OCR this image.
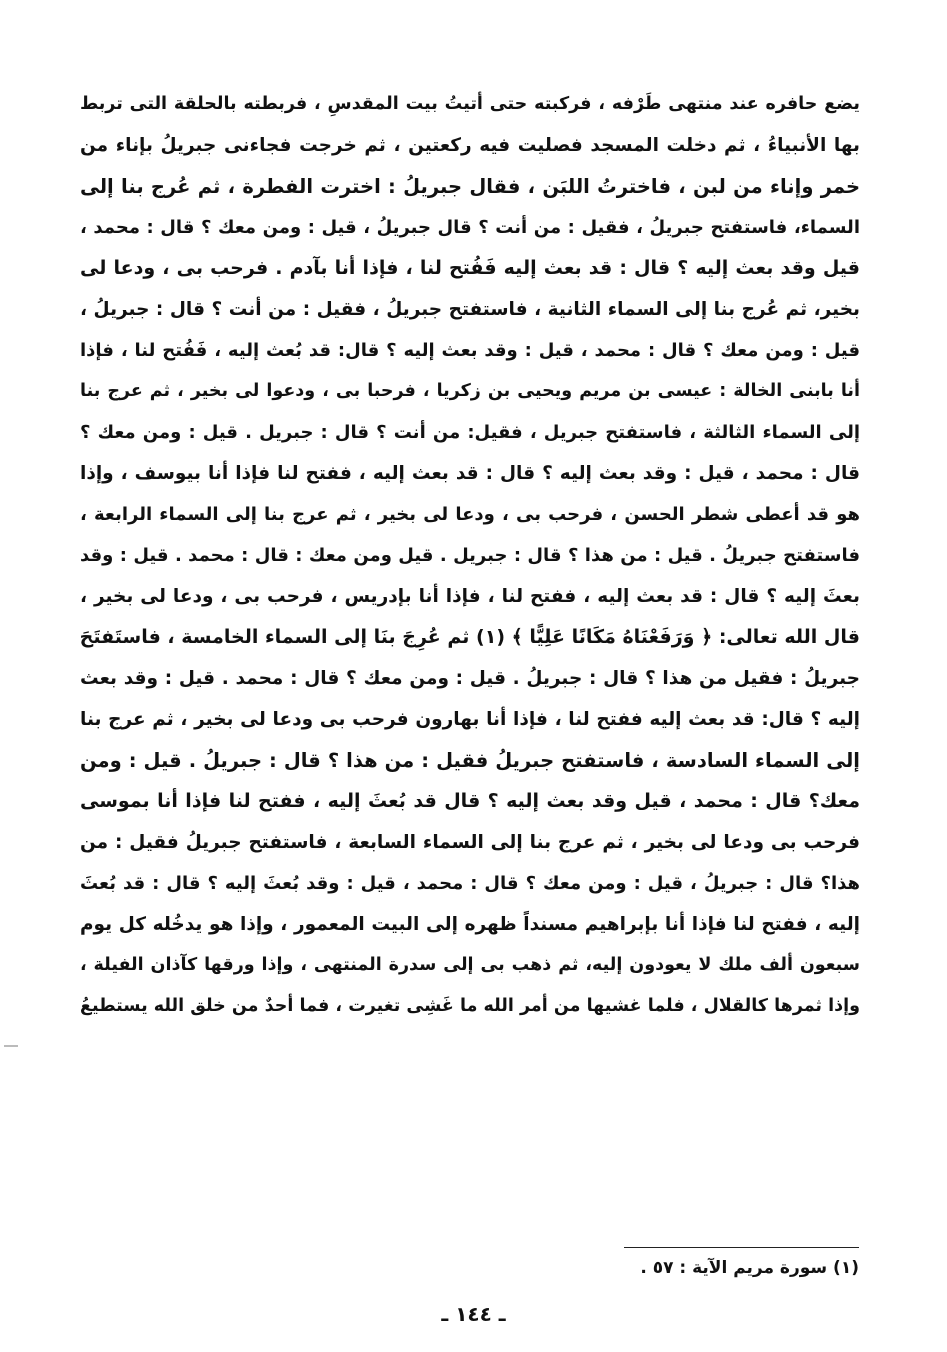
يضع حافره عند منتهى طَرْفه ، فركبته حتى أتيتُ بيت المقدسِ ، فربطته بالحلقة التى تربط
بها الأنبياءُ ، ثم دخلت المسجد فصليت فيه ركعتين ، ثم خرجت فجاءنى جبريلُ بإناء من
خمر وإناء من لبن ، فاخترتُ اللبَن ، فقال جبريلُ : اخترت الفطرة ، ثم عُرج بنا إلى
السماء، فاستفتح جبريلُ ، فقيل : من أنت ؟ قال جبريلُ ، قيل : ومن معك ؟ قال : محمد ،
قيل وقد بعث إليه ؟ قال : قد بعث إليه فَفُتح لنا ، فإذا أنا بآدم . فرحب بى ، ودعا لى
بخير، ثم عُرج بنا إلى السماء الثانية ، فاستفتح جبريلُ ، فقيل : من أنت ؟ قال : جبريلُ ،
قيل : ومن معك ؟ قال : محمد ، قيل : وقد بعث إليه ؟ قال: قد بُعث إليه ، فَفُتح لنا ، فإذا
أنا بابنى الخالة : عيسى بن مريم ويحيى بن زكريا ، فرحبا بى ، ودعوا لى بخير ، ثم عرج بنا
إلى السماء الثالثة ، فاستفتح جبريل ، فقيل: من أنت ؟ قال : جبريل . قيل : ومن معك ؟
قال : محمد ، قيل : وقد بعث إليه ؟ قال : قد بعث إليه ، ففتح لنا فإذا أنا بيوسف ، وإذا
هو قد أعطى شطر الحسن ، فرحب بى ، ودعا لى بخير ، ثم عرج بنا إلى السماء الرابعة ،
فاستفتح جبريلُ . قيل : من هذا ؟ قال : جبريل . قيل ومن معك : قال : محمد . قيل : وقد
بعثَ إليه ؟ قال : قد بعث إليه ، ففتح لنا ، فإذا أنا بإدريس ، فرحب بى ، ودعا لى بخير ،
قال الله تعالى: ﴿ وَرَفَعْنَاهُ مَكَانًا عَلِيًّا ﴾ (١) ثم عُرِجَ بنَا إلى السماء الخامسة ، فاستَفتَحَ
جبريلُ : فقيل من هذا ؟ قال : جبريلُ . قيل : ومن معك ؟ قال : محمد . قيل : وقد بعث
إليه ؟ قال: قد بعث إليه ففتح لنا ، فإذا أنا بهارون فرحب بى ودعا لى بخير ، ثم عرج بنا
إلى السماء السادسة ، فاستفتح جبريلُ فقيل : من هذا ؟ قال : جبريلُ . قيل : ومن
معك؟ قال : محمد ، قيل وقد بعث إليه ؟ قال قد بُعثَ إليه ، ففتح لنا فإذا أنا بموسى
فرحب بى ودعا لى بخير ، ثم عرج بنا إلى السماء السابعة ، فاستفتح جبريلُ فقيل : من
هذا؟ قال : جبريلُ ، قيل : ومن معك ؟ قال : محمد ، قيل : وقد بُعثَ إليه ؟ قال : قد بُعثَ
إليه ، ففتح لنا فإذا أنا بإبراهيم مسنداً ظهره إلى البيت المعمور ، وإذا هو يدخُله كل يوم
سبعون ألف ملك لا يعودون إليه، ثم ذهب بى إلى سدرة المنتهى ، وإذا ورقها كآذان الفيلة ،
وإذا ثمرها كالقلال ، فلما غشيها من أمر الله ما غَشِى تغيرت ، فما أحدٌ من خلق الله يستطيعُ
(١) سورة مريم الآية : ٥٧ .
ـ ١٤٤ ـ
